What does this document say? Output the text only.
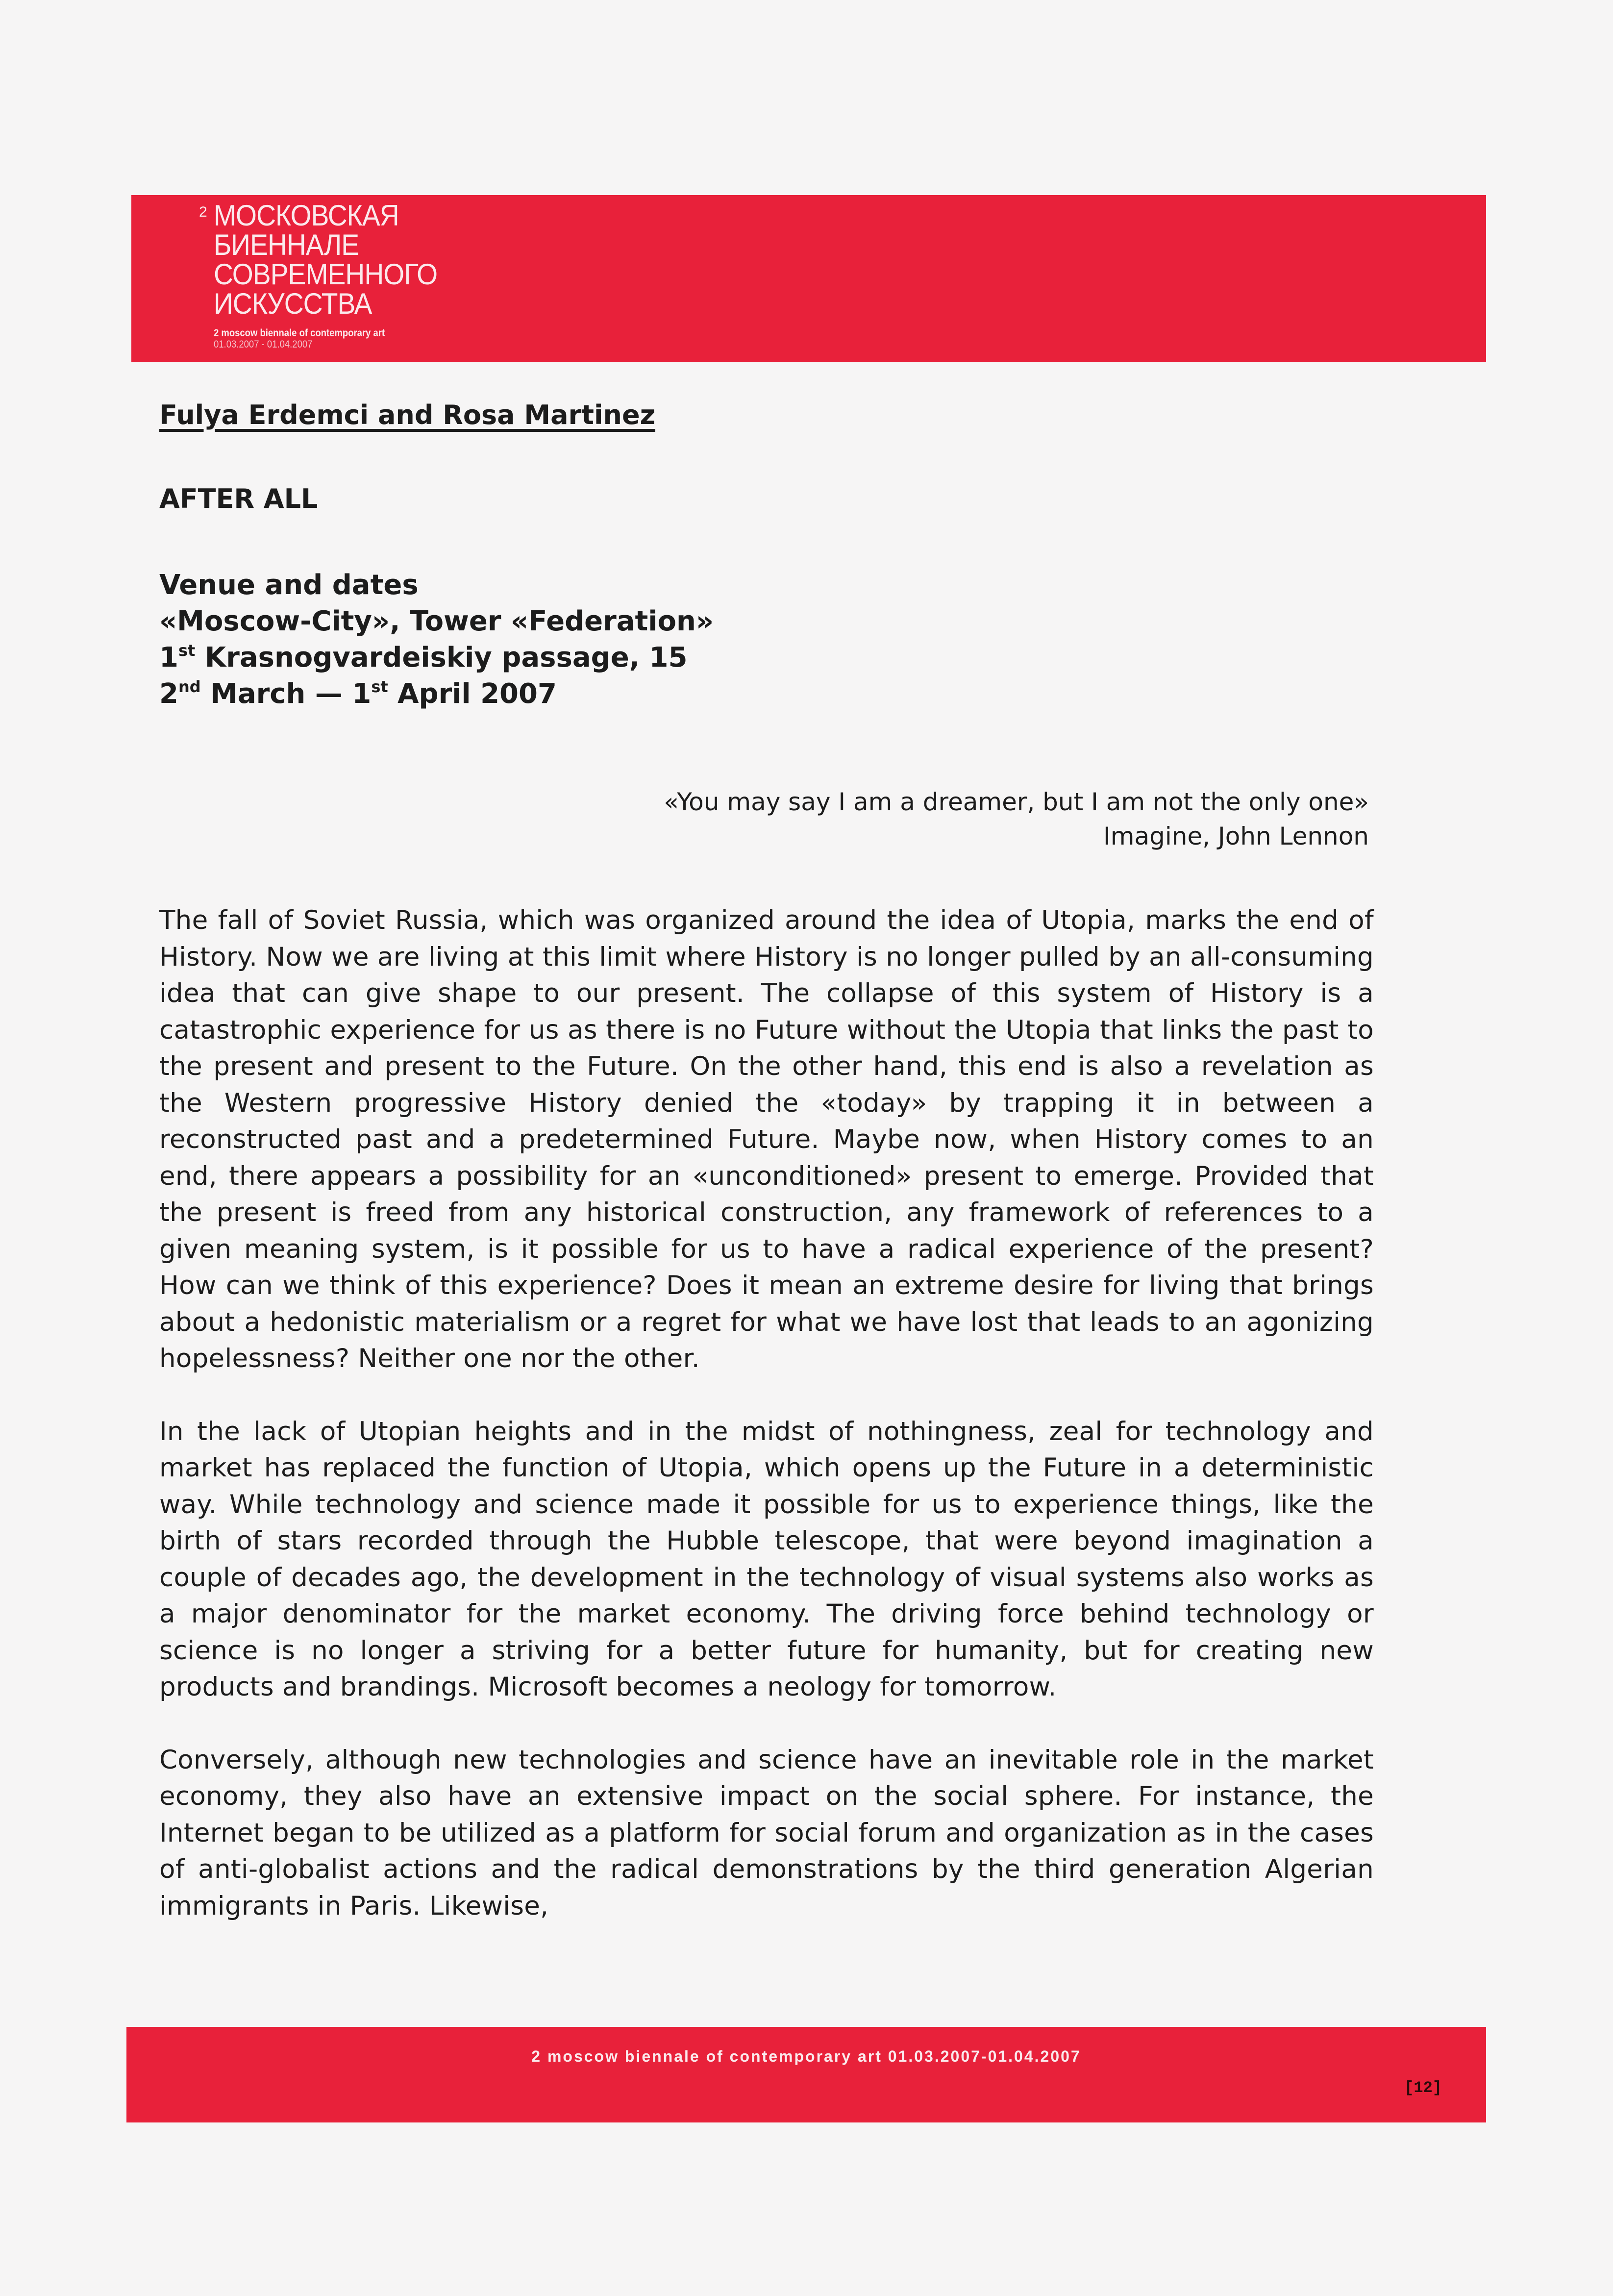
2 МОСКОВСКАЯ
БИЕННАЛЕ
СОВРЕМЕННОГО
ИСКУССТВА
2 moscow biennale of contemporary art
01.03.2007 - 01.04.2007

Fulya Erdemci and Rosa Martinez

AFTER ALL

Venue and dates
«Moscow-City», Tower «Federation»
1st Krasnogvardeiskiy passage, 15
2nd March — 1st April 2007
«You may say I am a dreamer, but I am not the only one»
Imagine, John Lennon

The fall of Soviet Russia, which was organized around the idea of Utopia, marks the end of History. Now we are living at this limit where History is no longer pulled by an all-consuming idea that can give shape to our present. The collapse of this system of History is a catastrophic experience for us as there is no Future without the Utopia that links the past to the present and present to the Future. On the other hand, this end is also a revelation as the Western progressive History denied the «today» by trapping it in between a reconstructed past and a predetermined Future. Maybe now, when History comes to an end, there appears a possibility for an «unconditioned» present to emerge. Provided that the present is freed from any historical construction, any framework of references to a given meaning system, is it possible for us to have a radical experience of the present? How can we think of this experience? Does it mean an extreme desire for living that brings about a hedonistic materialism or a regret for what we have lost that leads to an agonizing hopelessness? Neither one nor the other.

In the lack of Utopian heights and in the midst of nothingness, zeal for technology and market has replaced the function of Utopia, which opens up the Future in a deterministic way. While technology and science made it possible for us to experience things, like the birth of stars recorded through the Hubble telescope, that were beyond imagination a couple of decades ago, the development in the technology of visual systems also works as a major denominator for the market economy. The driving force behind technology or science is no longer a striving for a better future for humanity, but for creating new products and brandings. Microsoft becomes a neology for tomorrow.

Conversely, although new technologies and science have an inevitable role in the market economy, they also have an extensive impact on the social sphere. For instance, the Internet began to be utilized as a platform for social forum and organization as in the cases of anti-globalist actions and the radical demonstrations by the third generation Algerian immigrants in Paris. Likewise,

2 moscow biennale of contemporary art 01.03.2007-01.04.2007
[12]
